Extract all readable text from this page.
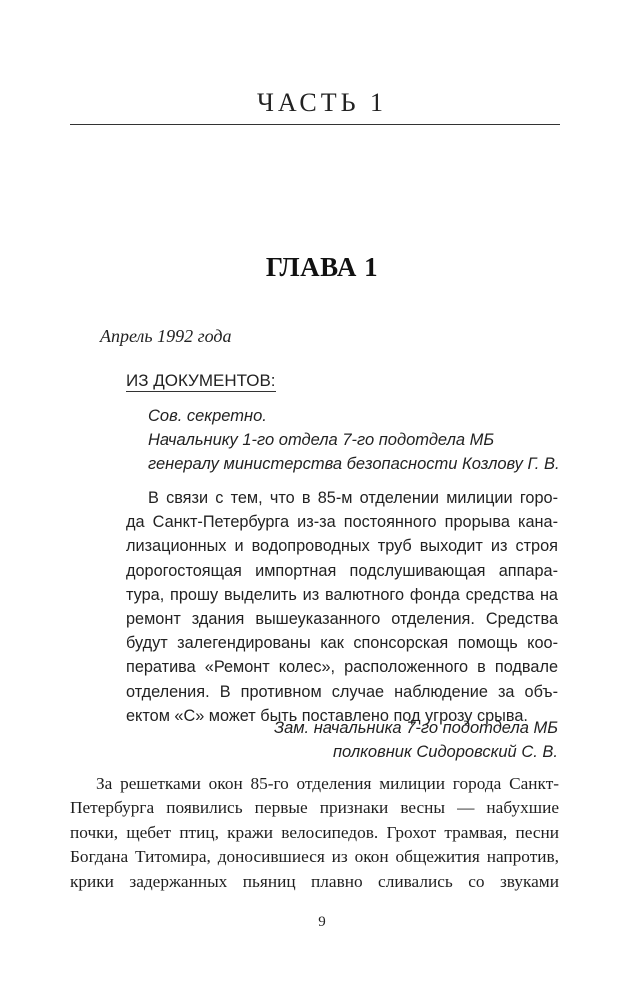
ЧАСТЬ 1
ГЛАВА 1
Апрель 1992 года
ИЗ ДОКУМЕНТОВ:
Сов. секретно.
Начальнику 1-го отдела 7-го подотдела МБ
генералу министерства безопасности Козлову Г. В.
В связи с тем, что в 85-м отделении милиции горо-
да Санкт-Петербурга из-за постоянного прорыва кана-
лизационных и водопроводных труб выходит из строя
дорогостоящая импортная подслушивающая аппара-
тура, прошу выделить из валютного фонда средства на
ремонт здания вышеуказанного отделения. Средства
будут залегендированы как спонсорская помощь коо-
ператива «Ремонт колес», расположенного в подвале
отделения. В противном случае наблюдение за объ-
ектом «С» может быть поставлено под угрозу срыва.
Зам. начальника 7-го подотдела МБ
полковник Сидоровский С. В.
За решетками окон 85-го отделения милиции города Санкт-
Петербурга появились первые признаки весны — набухшие
почки, щебет птиц, кражи велосипедов. Грохот трамвая, песни
Богдана Титомира, доносившиеся из окон общежития напротив,
крики задержанных пьяниц плавно сливались со звуками
9
